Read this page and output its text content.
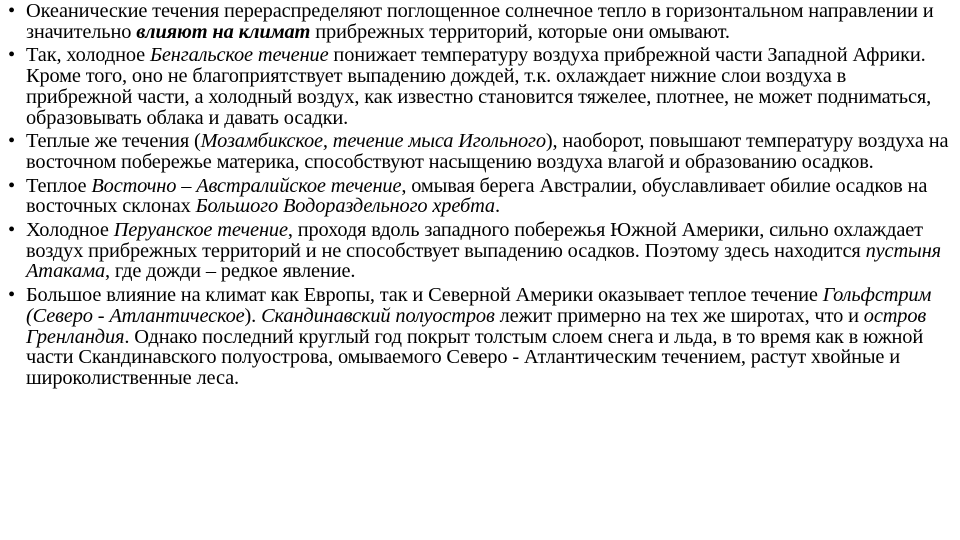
• Океанические течения перераспределяют поглощенное солнечное тепло в горизонтальном направлении и значительно влияют на климат прибрежных территорий, которые они омывают.
• Так, холодное Бенгальское течение понижает температуру воздуха прибрежной части Западной Африки. Кроме того, оно не благоприятствует выпадению дождей, т.к. охлаждает нижние слои воздуха в прибрежной части, а холодный воздух, как известно становится тяжелее, плотнее, не может подниматься, образовывать облака и давать осадки.
• Теплые же течения (Мозамбикское, течение мыса Игольного), наоборот, повышают температуру воздуха на восточном побережье материка, способствуют насыщению воздуха влагой и образованию осадков.
• Теплое Восточно – Австралийское течение, омывая берега Австралии, обуславливает обилие осадков на восточных склонах Большого Водораздельного хребта.
• Холодное Перуанское течение, проходя вдоль западного побережья Южной Америки, сильно охлаждает воздух прибрежных территорий и не способствует выпадению осадков. Поэтому здесь находится пустыня Атакама, где дожди – редкое явление.
• Большое влияние на климат как Европы, так и Северной Америки оказывает теплое течение Гольфстрим (Северо - Атлантическое). Скандинавский полуостров лежит примерно на тех же широтах, что и остров Гренландия. Однако последний круглый год покрыт толстым слоем снега и льда, в то время как в южной части Скандинавского полуострова, омываемого Северо - Атлантическим течением, растут хвойные и широколиственные леса.
